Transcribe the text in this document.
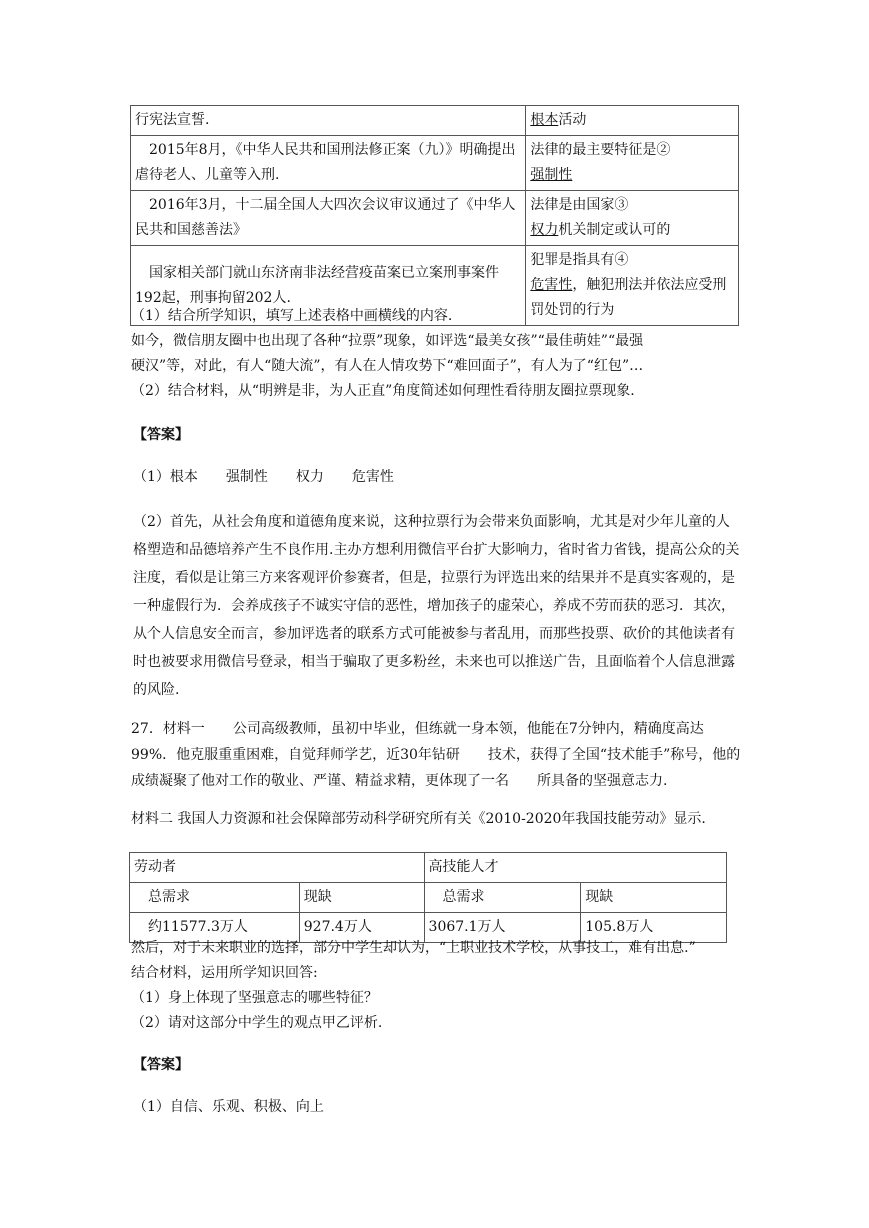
行宪法宣誓.	根本活动
　2015年8月，《中华人民共和国刑法修正案（九）》明确提出虐待老人、儿童等入刑.	法律的最主要特征是②
强制性
　2016年3月，十二届全国人大四次会议审议通过了《中华人民共和国慈善法》	法律是由国家③
权力机关制定或认可的
　国家相关部门就山东济南非法经营疫苗案已立案刑事案件192起，刑事拘留202人.	犯罪是指具有④
危害性，触犯刑法并依法应受刑罚处罚的行为
（1）结合所学知识，填写上述表格中画横线的内容.
如今，微信朋友圈中也出现了各种“拉票”现象，如评选“最美女孩”“最佳萌娃”“最强
硬汉”等，对此，有人“随大流”，有人在人情攻势下“难回面子”，有人为了“红包”…
（2）结合材料，从“明辨是非，为人正直”角度简述如何理性看待朋友圈拉票现象.
【答案】
（1）根本　　强制性　　权力　　危害性
（2）首先，从社会角度和道德角度来说，这种拉票行为会带来负面影响，尤其是对少年儿童的人格塑造和品德培养产生不良作用.主办方想利用微信平台扩大影响力，省时省力省钱，提高公众的关注度，看似是让第三方来客观评价参赛者，但是，拉票行为评选出来的结果并不是真实客观的，是一种虚假行为．会养成孩子不诚实守信的恶性，增加孩子的虚荣心，养成不劳而获的恶习．其次，从个人信息安全而言，参加评选者的联系方式可能被参与者乱用，而那些投票、砍价的其他读者有时也被要求用微信号登录，相当于骗取了更多粉丝，未来也可以推送广告，且面临着个人信息泄露的风险.
27．材料一　　公司高级教师，虽初中毕业，但练就一身本领，他能在7分钟内，精确度高达99%．他克服重重困难，自觉拜师学艺，近30年钻研　　技术，获得了全国“技术能手”称号，他的成绩凝聚了他对工作的敬业、严谨、精益求精，更体现了一名　　所具备的坚强意志力.
材料二 我国人力资源和社会保障部劳动科学研究所有关《2010-2020年我国技能劳动》显示.
劳动者		高技能人才	
总需求	现缺	总需求	现缺
约11577.3万人	927.4万人	3067.1万人	105.8万人
然后，对于未来职业的选择，部分中学生却认为，“上职业技术学校，从事技工，难有出息.”
结合材料，运用所学知识回答:
（1）身上体现了坚强意志的哪些特征？
（2）请对这部分中学生的观点甲乙评析.
【答案】
（1）自信、乐观、积极、向上
